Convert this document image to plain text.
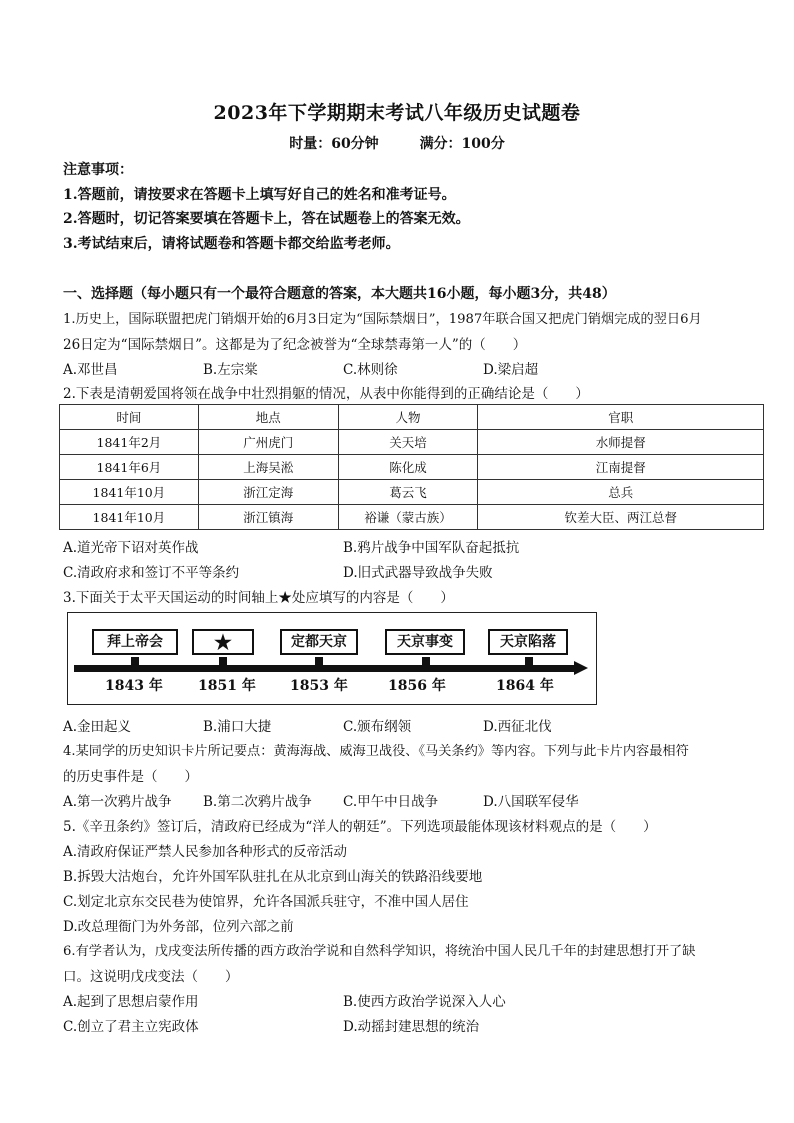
2023年下学期期末考试八年级历史试题卷
时量：60分钟	满分：100分
注意事项：
1.答题前，请按要求在答题卡上填写好自己的姓名和准考证号。
2.答题时，切记答案要填在答题卡上，答在试题卷上的答案无效。
3.考试结束后，请将试题卷和答题卡都交给监考老师。
一、选择题（每小题只有一个最符合题意的答案，本大题共16小题，每小题3分，共48）
1.历史上，国际联盟把虎门销烟开始的6月3日定为“国际禁烟日”，1987年联合国又把虎门销烟完成的翌日6月
26日定为“国际禁烟日”。这都是为了纪念被誉为“全球禁毒第一人”的（　　）
A.邓世昌	B.左宗棠	C.林则徐	D.梁启超
2.下表是清朝爱国将领在战争中壮烈捐躯的情况，从表中你能得到的正确结论是（　　）
时间	地点	人物	官职
1841年2月	广州虎门	关天培	水师提督
1841年6月	上海吴淞	陈化成	江南提督
1841年10月	浙江定海	葛云飞	总兵
1841年10月	浙江镇海	裕谦（蒙古族）	钦差大臣、两江总督
A.道光帝下诏对英作战	B.鸦片战争中国军队奋起抵抗
C.清政府求和签订不平等条约	D.旧式武器导致战争失败
3.下面关于太平天国运动的时间轴上★处应填写的内容是（　　）
拜上帝会	★	定都天京	天京事变	天京陷落
1843 年	1851 年 1853 年	1856 年	1864 年
A.金田起义	B.浦口大捷	C.颁布纲领	D.西征北伐
4.某同学的历史知识卡片所记要点：黄海海战、威海卫战役、《马关条约》等内容。下列与此卡片内容最相符
的历史事件是（　　）
A.第一次鸦片战争 B.第二次鸦片战争 C.甲午中日战争	D.八国联军侵华
5.《辛丑条约》签订后，清政府已经成为“洋人的朝廷”。下列选项最能体现该材料观点的是（　　）
A.清政府保证严禁人民参加各种形式的反帝活动
B.拆毁大沽炮台，允许外国军队驻扎在从北京到山海关的铁路沿线要地
C.划定北京东交民巷为使馆界，允许各国派兵驻守，不准中国人居住
D.改总理衙门为外务部，位列六部之前
6.有学者认为，戊戌变法所传播的西方政治学说和自然科学知识，将统治中国人民几千年的封建思想打开了缺
口。这说明戊戌变法（　　）
A.起到了思想启蒙作用	B.使西方政治学说深入人心
C.创立了君主立宪政体	D.动摇封建思想的统治
